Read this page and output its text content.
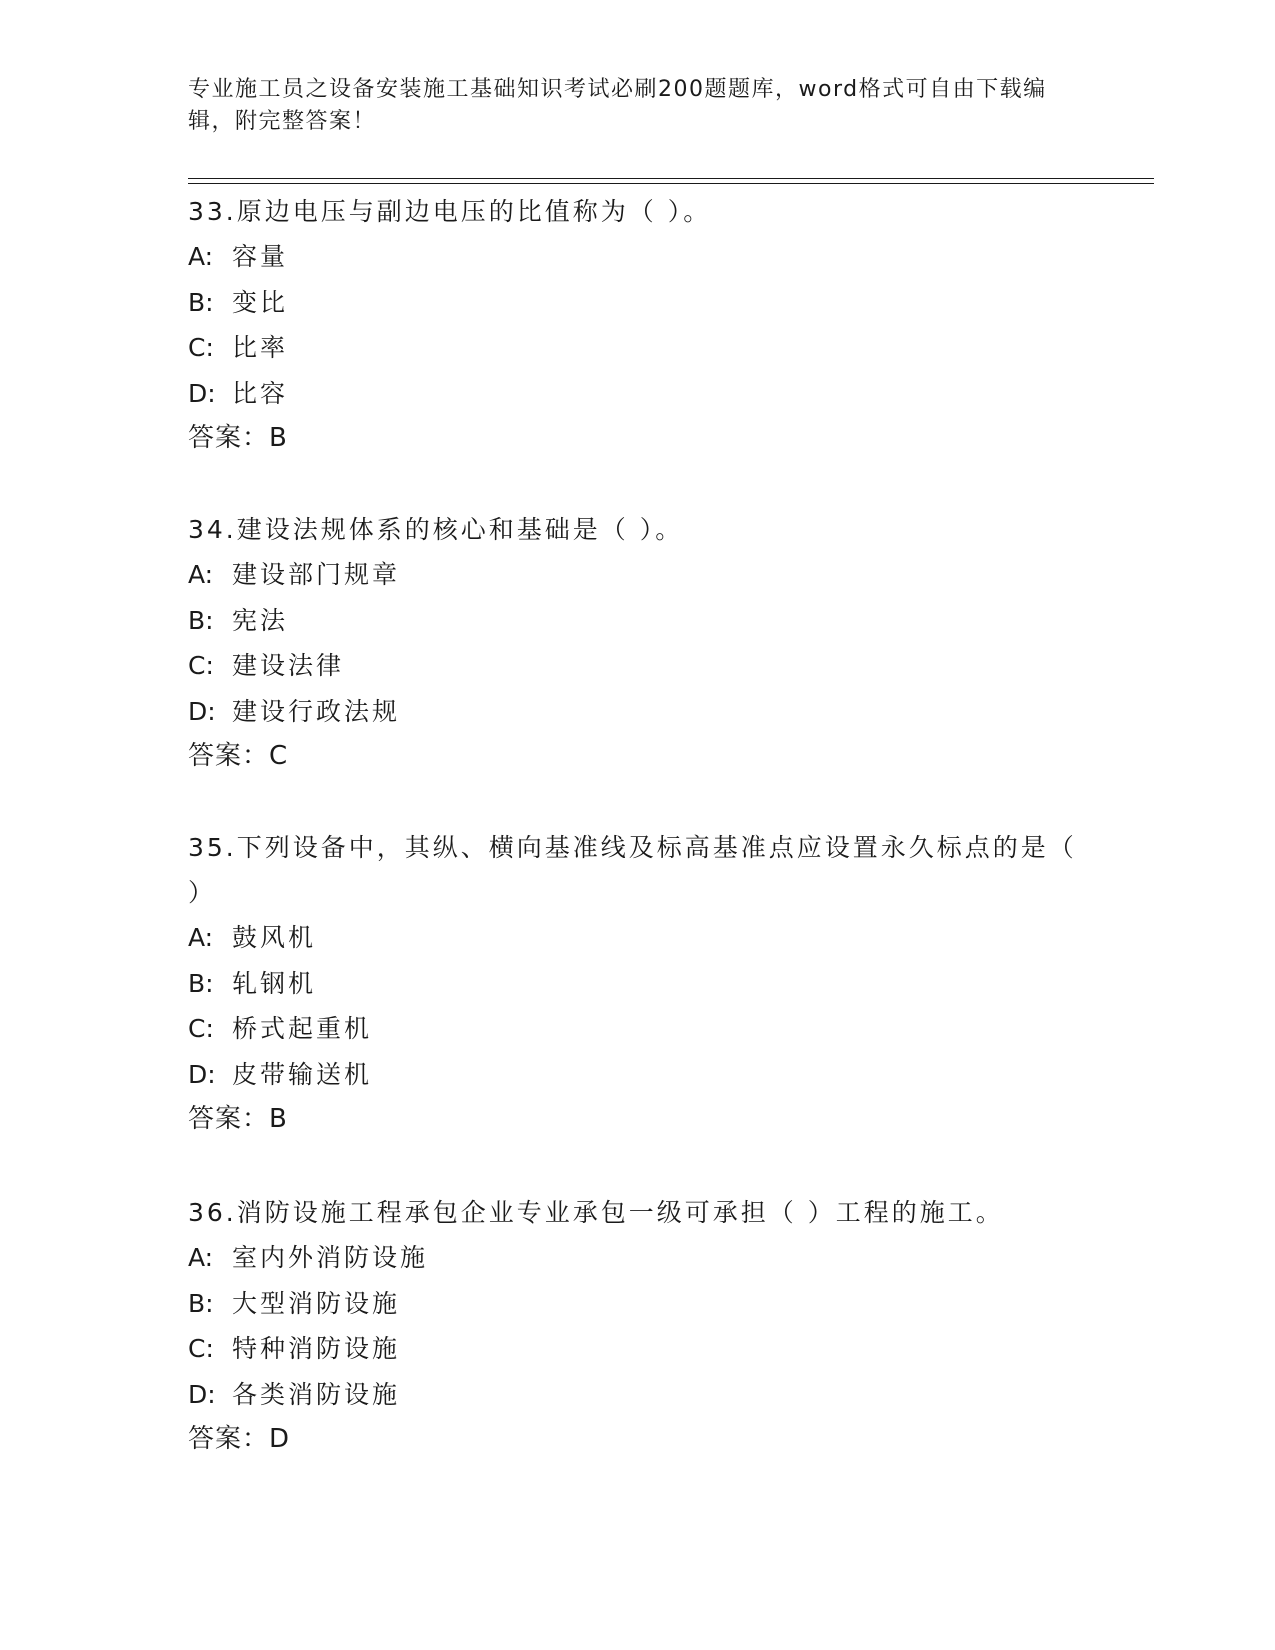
专业施工员之设备安装施工基础知识考试必刷200题题库，word格式可自由下载编辑，附完整答案！
33.原边电压与副边电压的比值称为（ ）。
A: 容量
B: 变比
C: 比率
D: 比容
答案：B
34.建设法规体系的核心和基础是（ ）。
A: 建设部门规章
B: 宪法
C: 建设法律
D: 建设行政法规
答案：C
35.下列设备中，其纵、横向基准线及标高基准点应设置永久标点的是（ ）
A: 鼓风机
B: 轧钢机
C: 桥式起重机
D: 皮带输送机
答案：B
36.消防设施工程承包企业专业承包一级可承担（ ）工程的施工。
A: 室内外消防设施
B: 大型消防设施
C: 特种消防设施
D: 各类消防设施
答案：D
